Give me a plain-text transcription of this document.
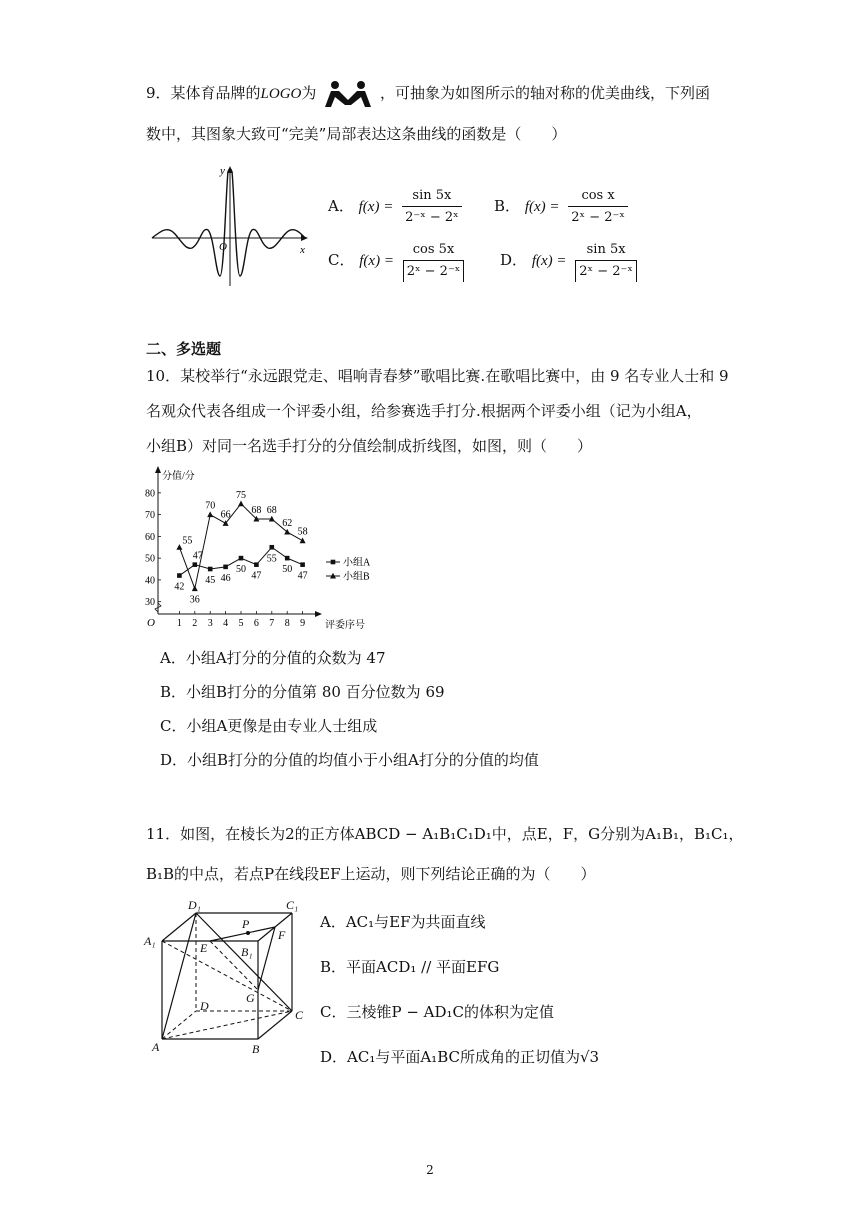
9．某体育品牌的LOGO为	，可抽象为如图所示的轴对称的优美曲线，下列函
数中，其图象大致可“完美”局部表达这条曲线的函数是（　　）
y
x
O
A． $f(x) = \frac{\sin 5x}{\text{2⁻ˣ − 2ˣ}}$ B． $f(x) = \frac{\text{cos x}}{\text{2ˣ − 2⁻ˣ}}$
C． $f(x) = \frac{\cos 5x}{\text{2ˣ − 2⁻ˣ}}$ D． $f(x) = \frac{\sin 5x}{\text{2ˣ − 2⁻ˣ}}$
二、多选题
10．某校举行“永远跟党走、唱响青春梦”歌唱比赛.在歌唱比赛中，由 9 名专业人士和 9
名观众代表各组成一个评委小组，给参赛选手打分.根据两个评委小组（记为小组A，
小组B）对同一名选手打分的分值绘制成折线图，如图，则（　　）
分值/分
评委序号
O
30
40
50
60
70
80
1 2 3 4 5 6 7 8 9
42
47
45 46
50
47
55
50
47
小组A
55
36
70
66
75
68 68
62
58
小组B
A．小组A打分的分值的众数为 47
B．小组B打分的分值第 80 百分位数为 69
C．小组A更像是由专业人士组成
D．小组B打分的分值的均值小于小组A打分的分值的均值
11．如图，在棱长为2的正方体ABCD − A₁B₁C₁D₁中，点E，F，G分别为A₁B₁，B₁C₁，
B₁B的中点，若点P在线段EF上运动，则下列结论正确的为（　　）
D₁	C₁
A₁
P
F
E	B₁
G
D
C
A	B
A．AC₁与EF为共面直线
B．平面ACD₁ // 平面EFG
C．三棱锥P − AD₁C的体积为定值
D．AC₁与平面A₁BC所成角的正切值为√3
2
